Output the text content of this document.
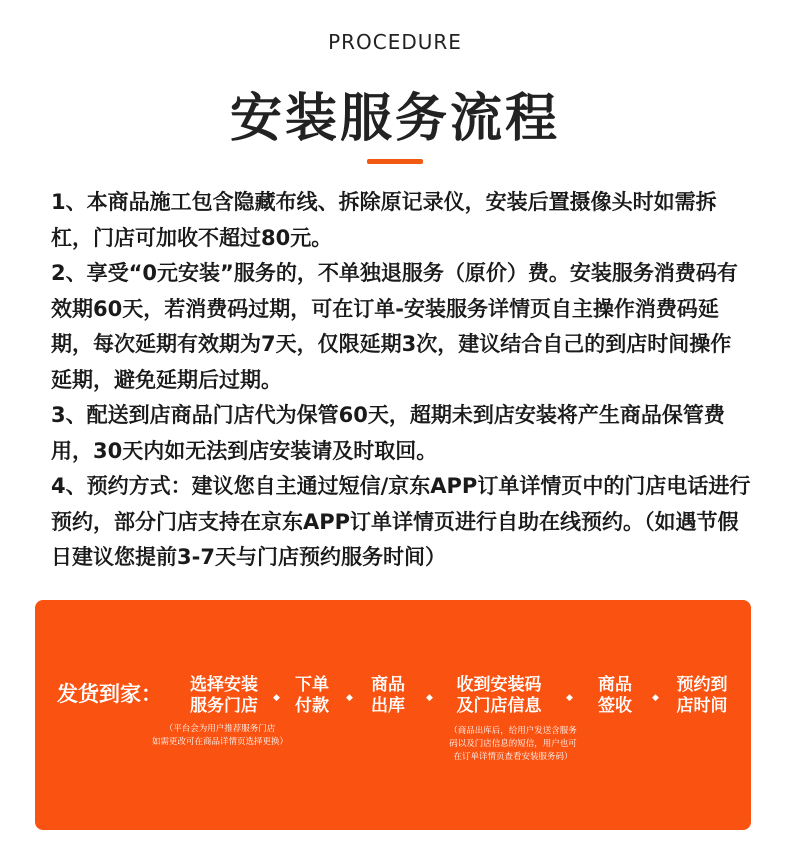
PROCEDURE
安装服务流程

1、本商品施工包含隐藏布线、拆除原记录仪，安装后置摄像头时如需拆杠，门店可加收不超过80元。

2、享受“0元安装”服务的，不单独退服务（原价）费。安装服务消费码有效期60天，若消费码过期，可在订单-安装服务详情页自主操作消费码延期，每次延期有效期为7天，仅限延期3次，建议结合自己的到店时间操作延期，避免延期后过期。

3、配送到店商品门店代为保管60天，超期未到店安装将产生商品保管费用，30天内如无法到店安装请及时取回。

4、预约方式：建议您自主通过短信/京东APP订单详情页中的门店电话进行预约，部分门店支持在京东APP订单详情页进行自助在线预约。（如遇节假日建议您提前3-7天与门店预约服务时间）

发货到家：	选择安装
服务门店	◆
下单
付款	◆
商品
出库	◆
收到安装码
及门店信息	◆
商品
签收	◆
预约到
店时间
（平台会为用户推荐服务门店
如需更改可在商品详情页选择更换）
（商品出库后，给用户发送含服务
码以及门店信息的短信，用户也可
在订单详情页查看安装服务码）
